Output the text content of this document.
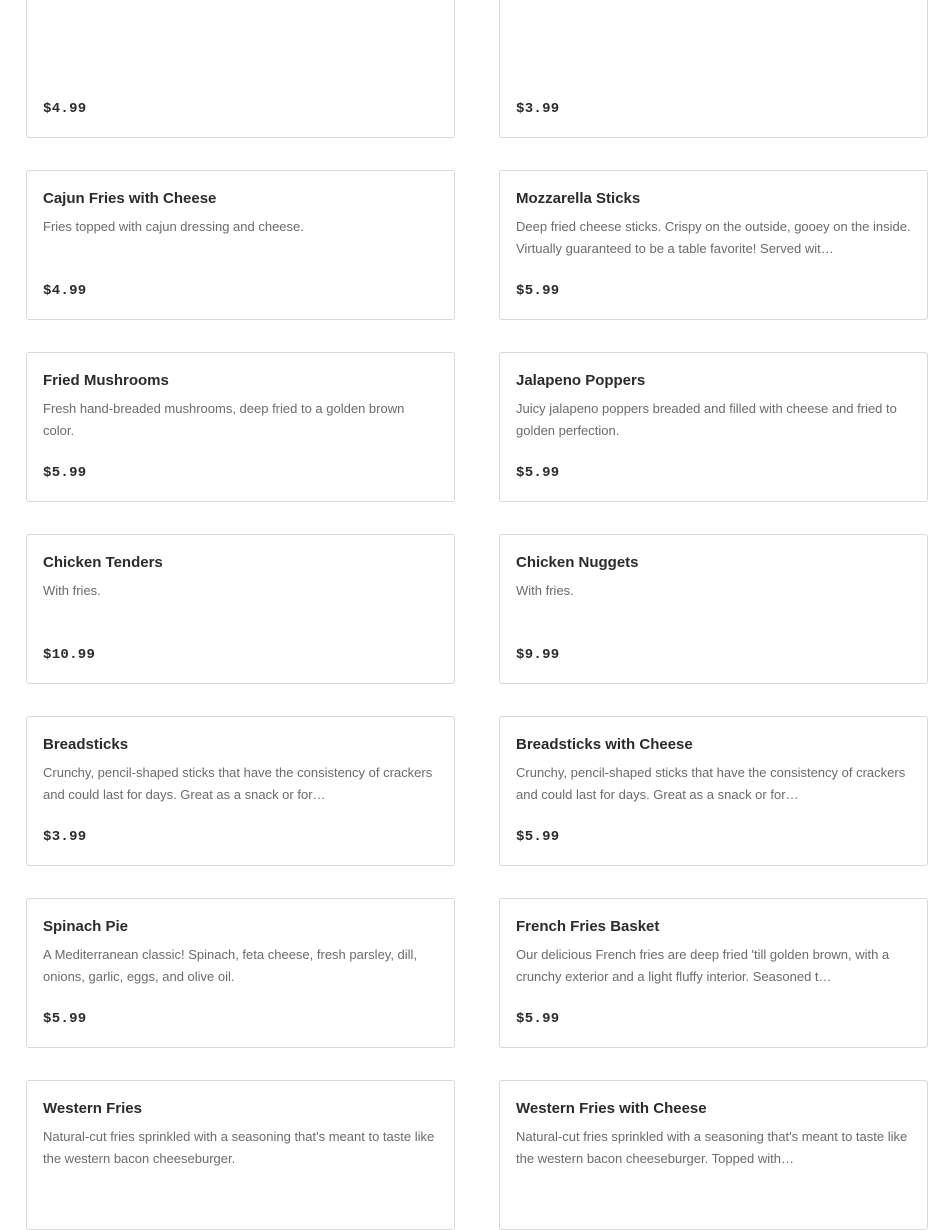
$4.99	$3.99
Cajun Fries with Cheese
Fries topped with cajun dressing and cheese.
$4.99
Mozzarella Sticks
Deep fried cheese sticks. Crispy on the outside, gooey on the inside. Virtually guaranteed to be a table favorite! Served wit…
$5.99
Fried Mushrooms
Fresh hand-breaded mushrooms, deep fried to a golden brown color.
$5.99
Jalapeno Poppers
Juicy jalapeno poppers breaded and filled with cheese and fried to golden perfection.
$5.99
Chicken Tenders
With fries.
$10.99
Chicken Nuggets
With fries.
$9.99
Breadsticks
Crunchy, pencil-shaped sticks that have the consistency of crackers and could last for days. Great as a snack or for…
$3.99
Breadsticks with Cheese
Crunchy, pencil-shaped sticks that have the consistency of crackers and could last for days. Great as a snack or for…
$5.99
Spinach Pie
A Mediterranean classic! Spinach, feta cheese, fresh parsley, dill, onions, garlic, eggs, and olive oil.
$5.99
French Fries Basket
Our delicious French fries are deep fried 'till golden brown, with a crunchy exterior and a light fluffy interior. Seasoned t…
$5.99
Western Fries
Natural-cut fries sprinkled with a seasoning that's meant to taste like the western bacon cheeseburger.
Western Fries with Cheese
Natural-cut fries sprinkled with a seasoning that's meant to taste like the western bacon cheeseburger. Topped with…
